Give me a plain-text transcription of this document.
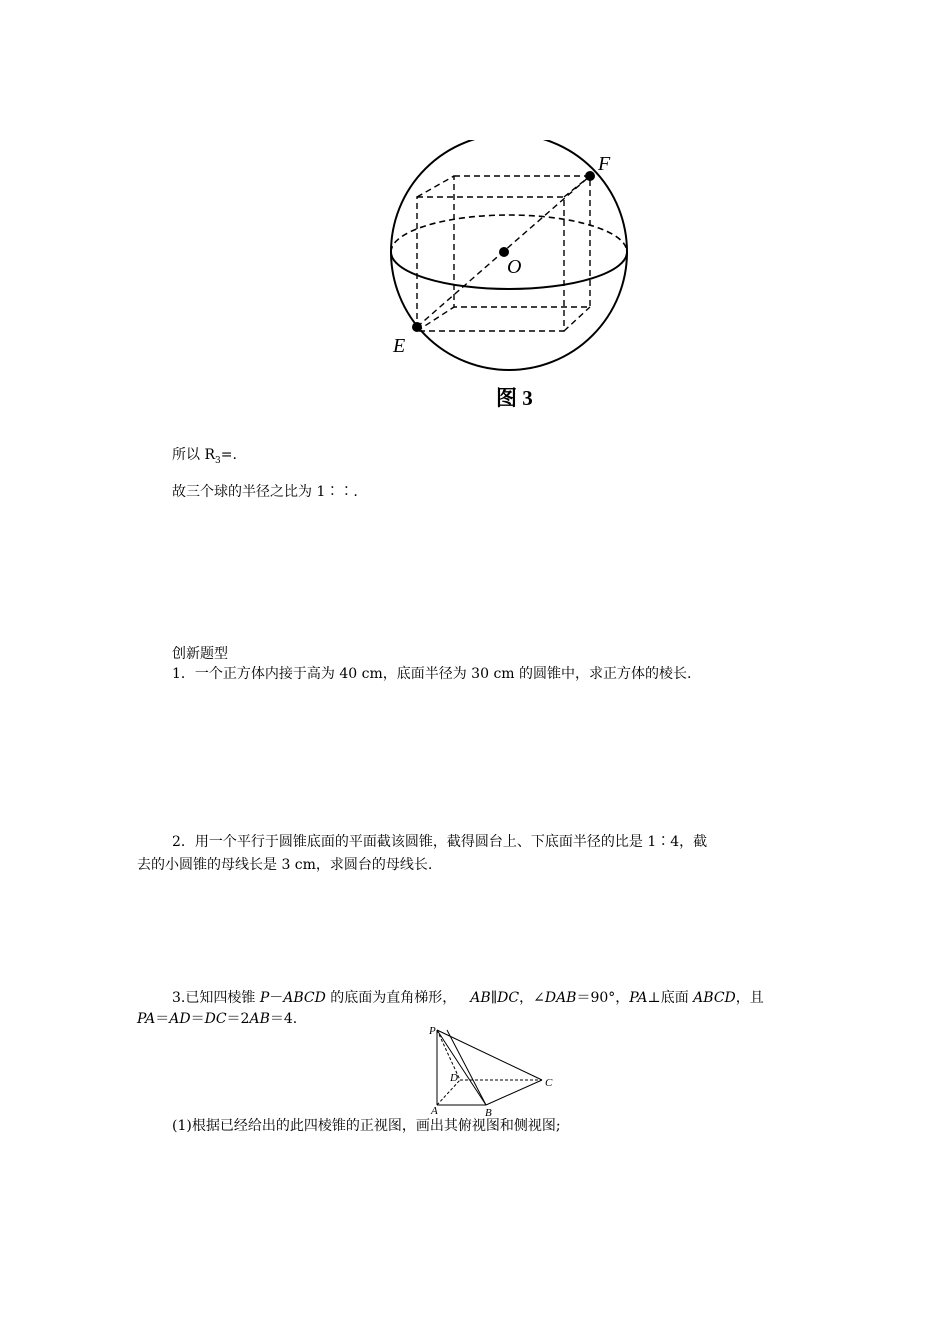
F
O
E
图 3
所以 $R_3=$.
故三个球的半径之比为 1∶∶.
创新题型
1．一个正方体内接于高为 40 cm，底面半径为 30 cm 的圆锥中，求正方体的棱长.
2．用一个平行于圆锥底面的平面截该圆锥，截得圆台上、下底面半径的比是 1∶4，截
去的小圆锥的母线长是 3 cm，求圆台的母线长.
3.已知四棱锥 P－ABCD 的底面为直角梯形， AB∥DC，∠DAB＝90°，PA⊥底面 ABCD，且
PA＝AD＝DC＝2AB＝4.
P
D	C
A	B
(1)根据已经给出的此四棱锥的正视图，画出其俯视图和侧视图;
